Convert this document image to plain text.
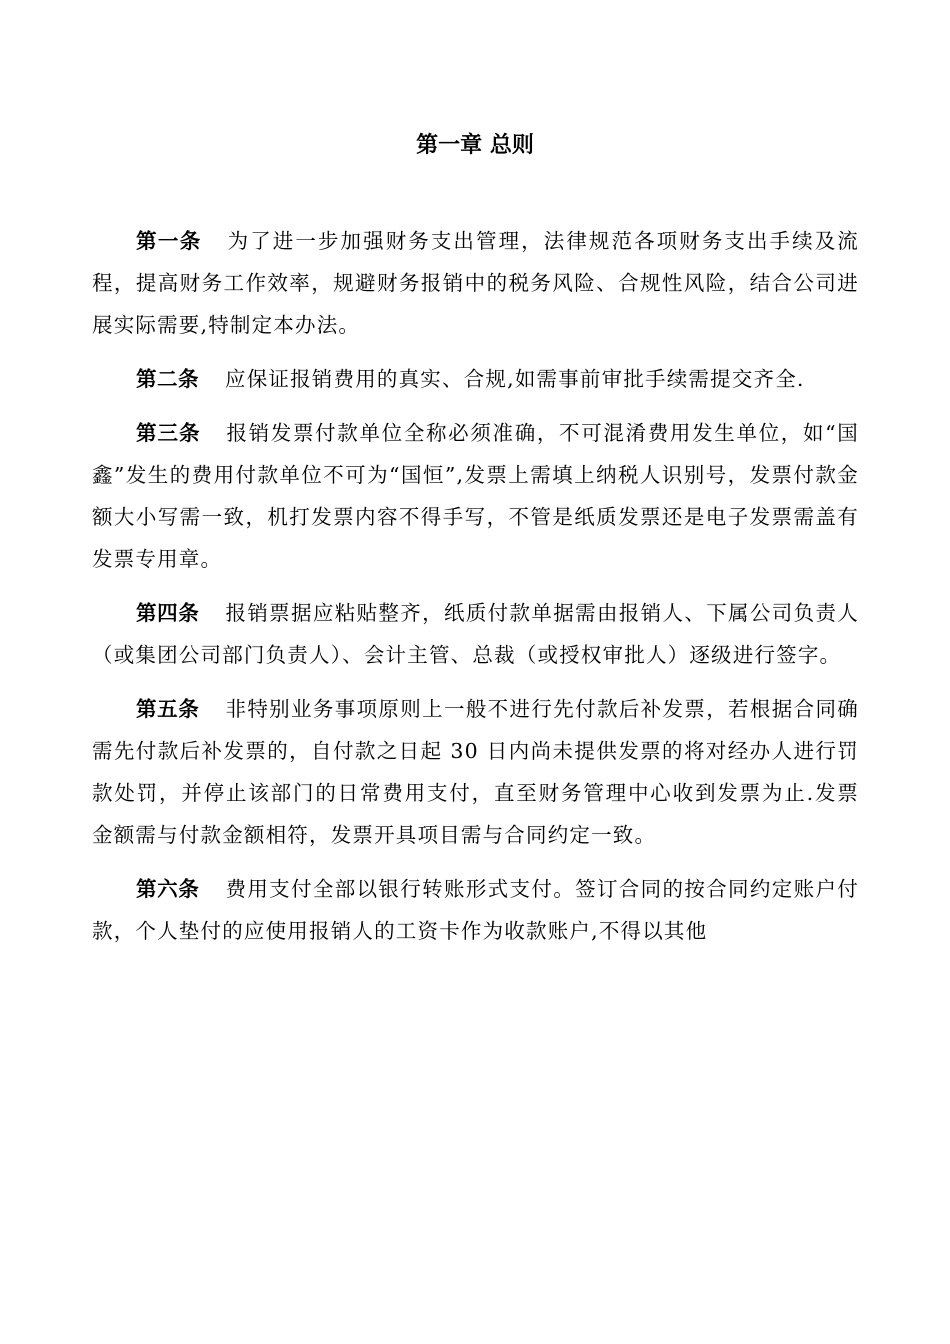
第一章 总则

第一条 为了进一步加强财务支出管理，法律规范各项财务支出手续及流程，提高财务工作效率，规避财务报销中的税务风险、合规性风险，结合公司进展实际需要,特制定本办法。

第二条 应保证报销费用的真实、合规,如需事前审批手续需提交齐全.

第三条 报销发票付款单位全称必须准确，不可混淆费用发生单位，如“国鑫”发生的费用付款单位不可为“国恒”,发票上需填上纳税人识别号，发票付款金额大小写需一致，机打发票内容不得手写，不管是纸质发票还是电子发票需盖有发票专用章。

第四条 报销票据应粘贴整齐，纸质付款单据需由报销人、下属公司负责人（或集团公司部门负责人）、会计主管、总裁（或授权审批人）逐级进行签字。

第五条 非特别业务事项原则上一般不进行先付款后补发票，若根据合同确需先付款后补发票的，自付款之日起 30 日内尚未提供发票的将对经办人进行罚款处罚，并停止该部门的日常费用支付，直至财务管理中心收到发票为止.发票金额需与付款金额相符，发票开具项目需与合同约定一致。

第六条 费用支付全部以银行转账形式支付。签订合同的按合同约定账户付款，个人垫付的应使用报销人的工资卡作为收款账户,不得以其他
